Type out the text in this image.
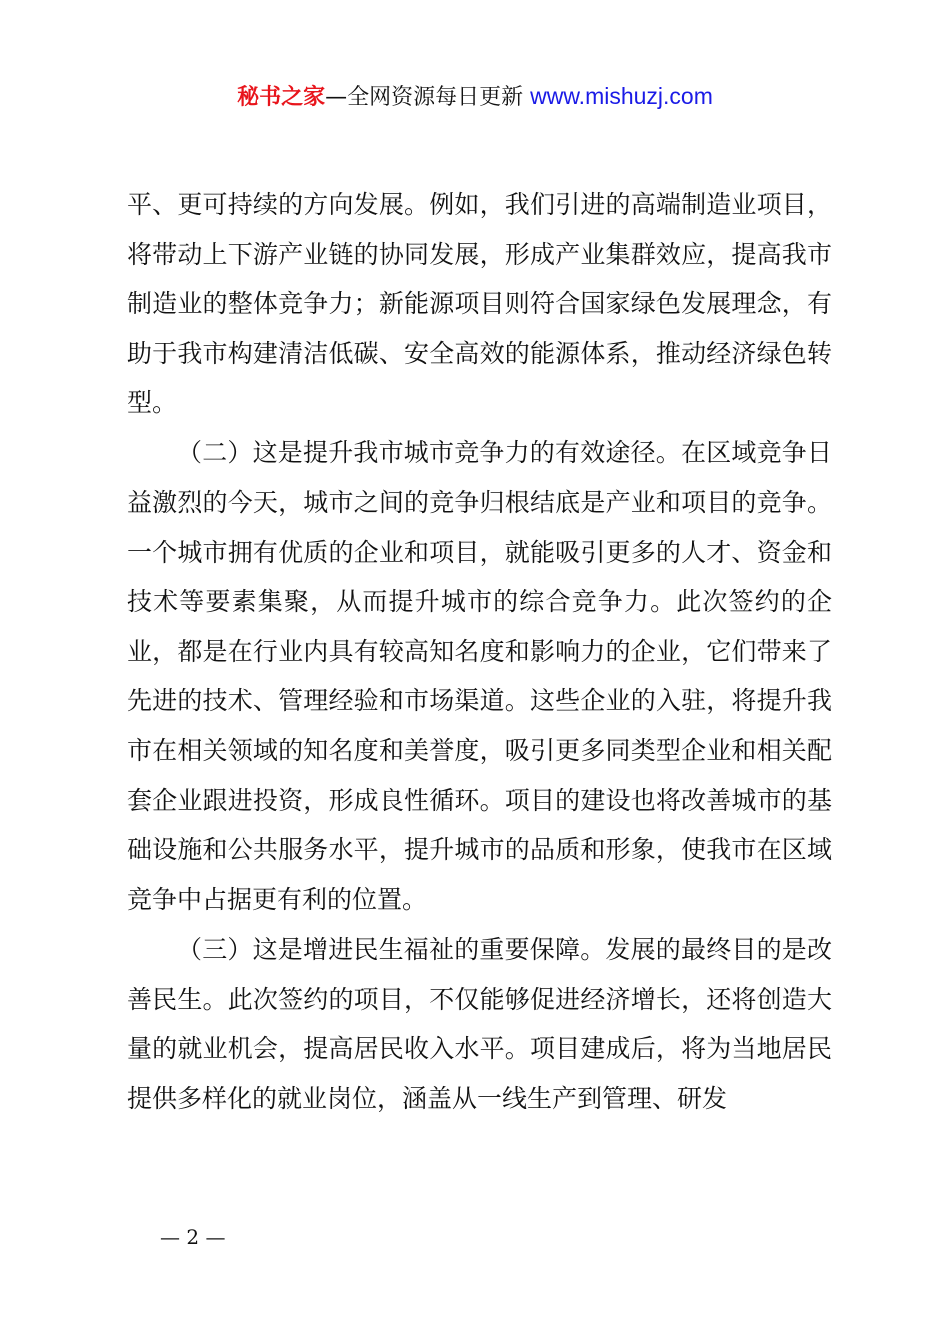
秘书之家—全网资源每日更新 www.mishuzj.com

平、更可持续的方向发展。例如，我们引进的高端制造业项目，将带动上下游产业链的协同发展，形成产业集群效应，提高我市制造业的整体竞争力；新能源项目则符合国家绿色发展理念，有助于我市构建清洁低碳、安全高效的能源体系，推动经济绿色转型。

（二）这是提升我市城市竞争力的有效途径。在区域竞争日益激烈的今天，城市之间的竞争归根结底是产业和项目的竞争。一个城市拥有优质的企业和项目，就能吸引更多的人才、资金和技术等要素集聚，从而提升城市的综合竞争力。此次签约的企业，都是在行业内具有较高知名度和影响力的企业，它们带来了先进的技术、管理经验和市场渠道。这些企业的入驻，将提升我市在相关领域的知名度和美誉度，吸引更多同类型企业和相关配套企业跟进投资，形成良性循环。项目的建设也将改善城市的基础设施和公共服务水平，提升城市的品质和形象，使我市在区域竞争中占据更有利的位置。

（三）这是增进民生福祉的重要保障。发展的最终目的是改善民生。此次签约的项目，不仅能够促进经济增长，还将创造大量的就业机会，提高居民收入水平。项目建成后，将为当地居民提供多样化的就业岗位，涵盖从一线生产到管理、研发

— 2 —
